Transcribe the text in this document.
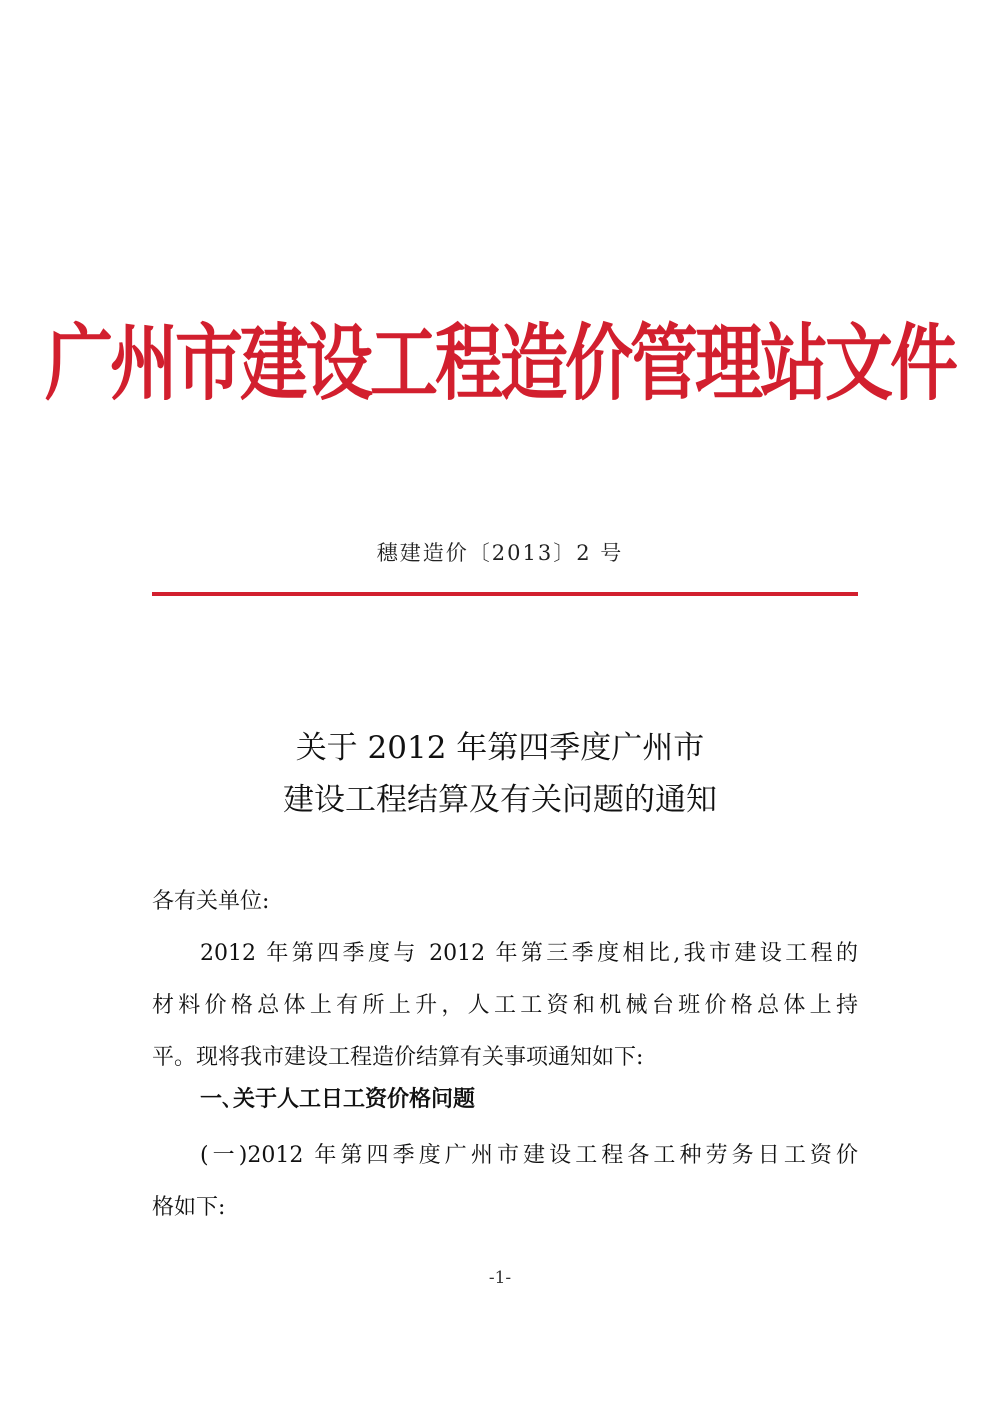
广州市建设工程造价管理站文件
穗建造价〔2013〕2 号
关于 2012 年第四季度广州市
建设工程结算及有关问题的通知
各有关单位:
2012 年第四季度与 2012 年第三季度相比,我市建设工程的
材料价格总体上有所上升，人工工资和机械台班价格总体上持
平。现将我市建设工程造价结算有关事项通知如下:
一､关于人工日工资价格问题
(一)2012 年第四季度广州市建设工程各工种劳务日工资价
格如下:
-1-
